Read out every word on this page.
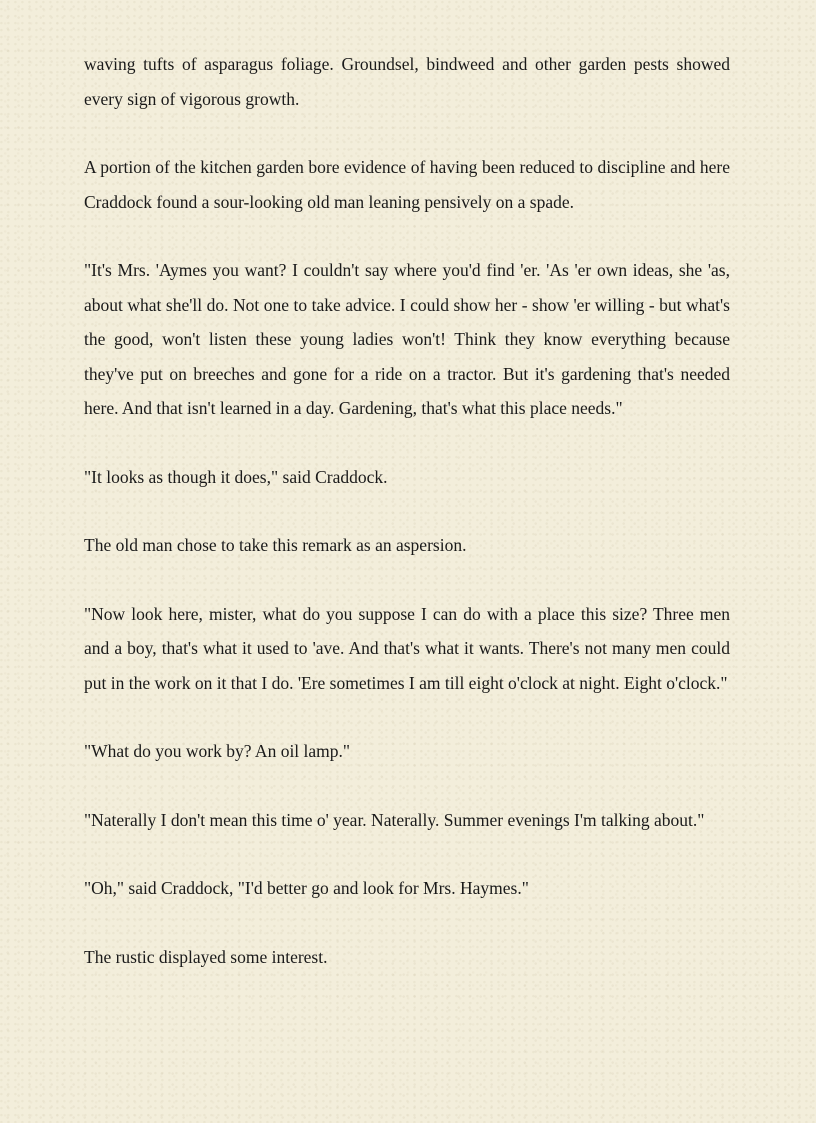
waving tufts of asparagus foliage. Groundsel, bindweed and other garden pests showed every sign of vigorous growth.

A portion of the kitchen garden bore evidence of having been reduced to discipline and here Craddock found a sour-looking old man leaning pensively on a spade.

"It's Mrs. 'Aymes you want? I couldn't say where you'd find 'er. 'As 'er own ideas, she 'as, about what she'll do. Not one to take advice. I could show her - show 'er willing - but what's the good, won't listen these young ladies won't! Think they know everything because they've put on breeches and gone for a ride on a tractor. But it's gardening that's needed here. And that isn't learned in a day. Gardening, that's what this place needs."

"It looks as though it does," said Craddock.

The old man chose to take this remark as an aspersion.

"Now look here, mister, what do you suppose I can do with a place this size? Three men and a boy, that's what it used to 'ave. And that's what it wants. There's not many men could put in the work on it that I do. 'Ere sometimes I am till eight o'clock at night. Eight o'clock."

"What do you work by? An oil lamp."

"Naterally I don't mean this time o' year. Naterally. Summer evenings I'm talking about."

"Oh," said Craddock, "I'd better go and look for Mrs. Haymes."

The rustic displayed some interest.
